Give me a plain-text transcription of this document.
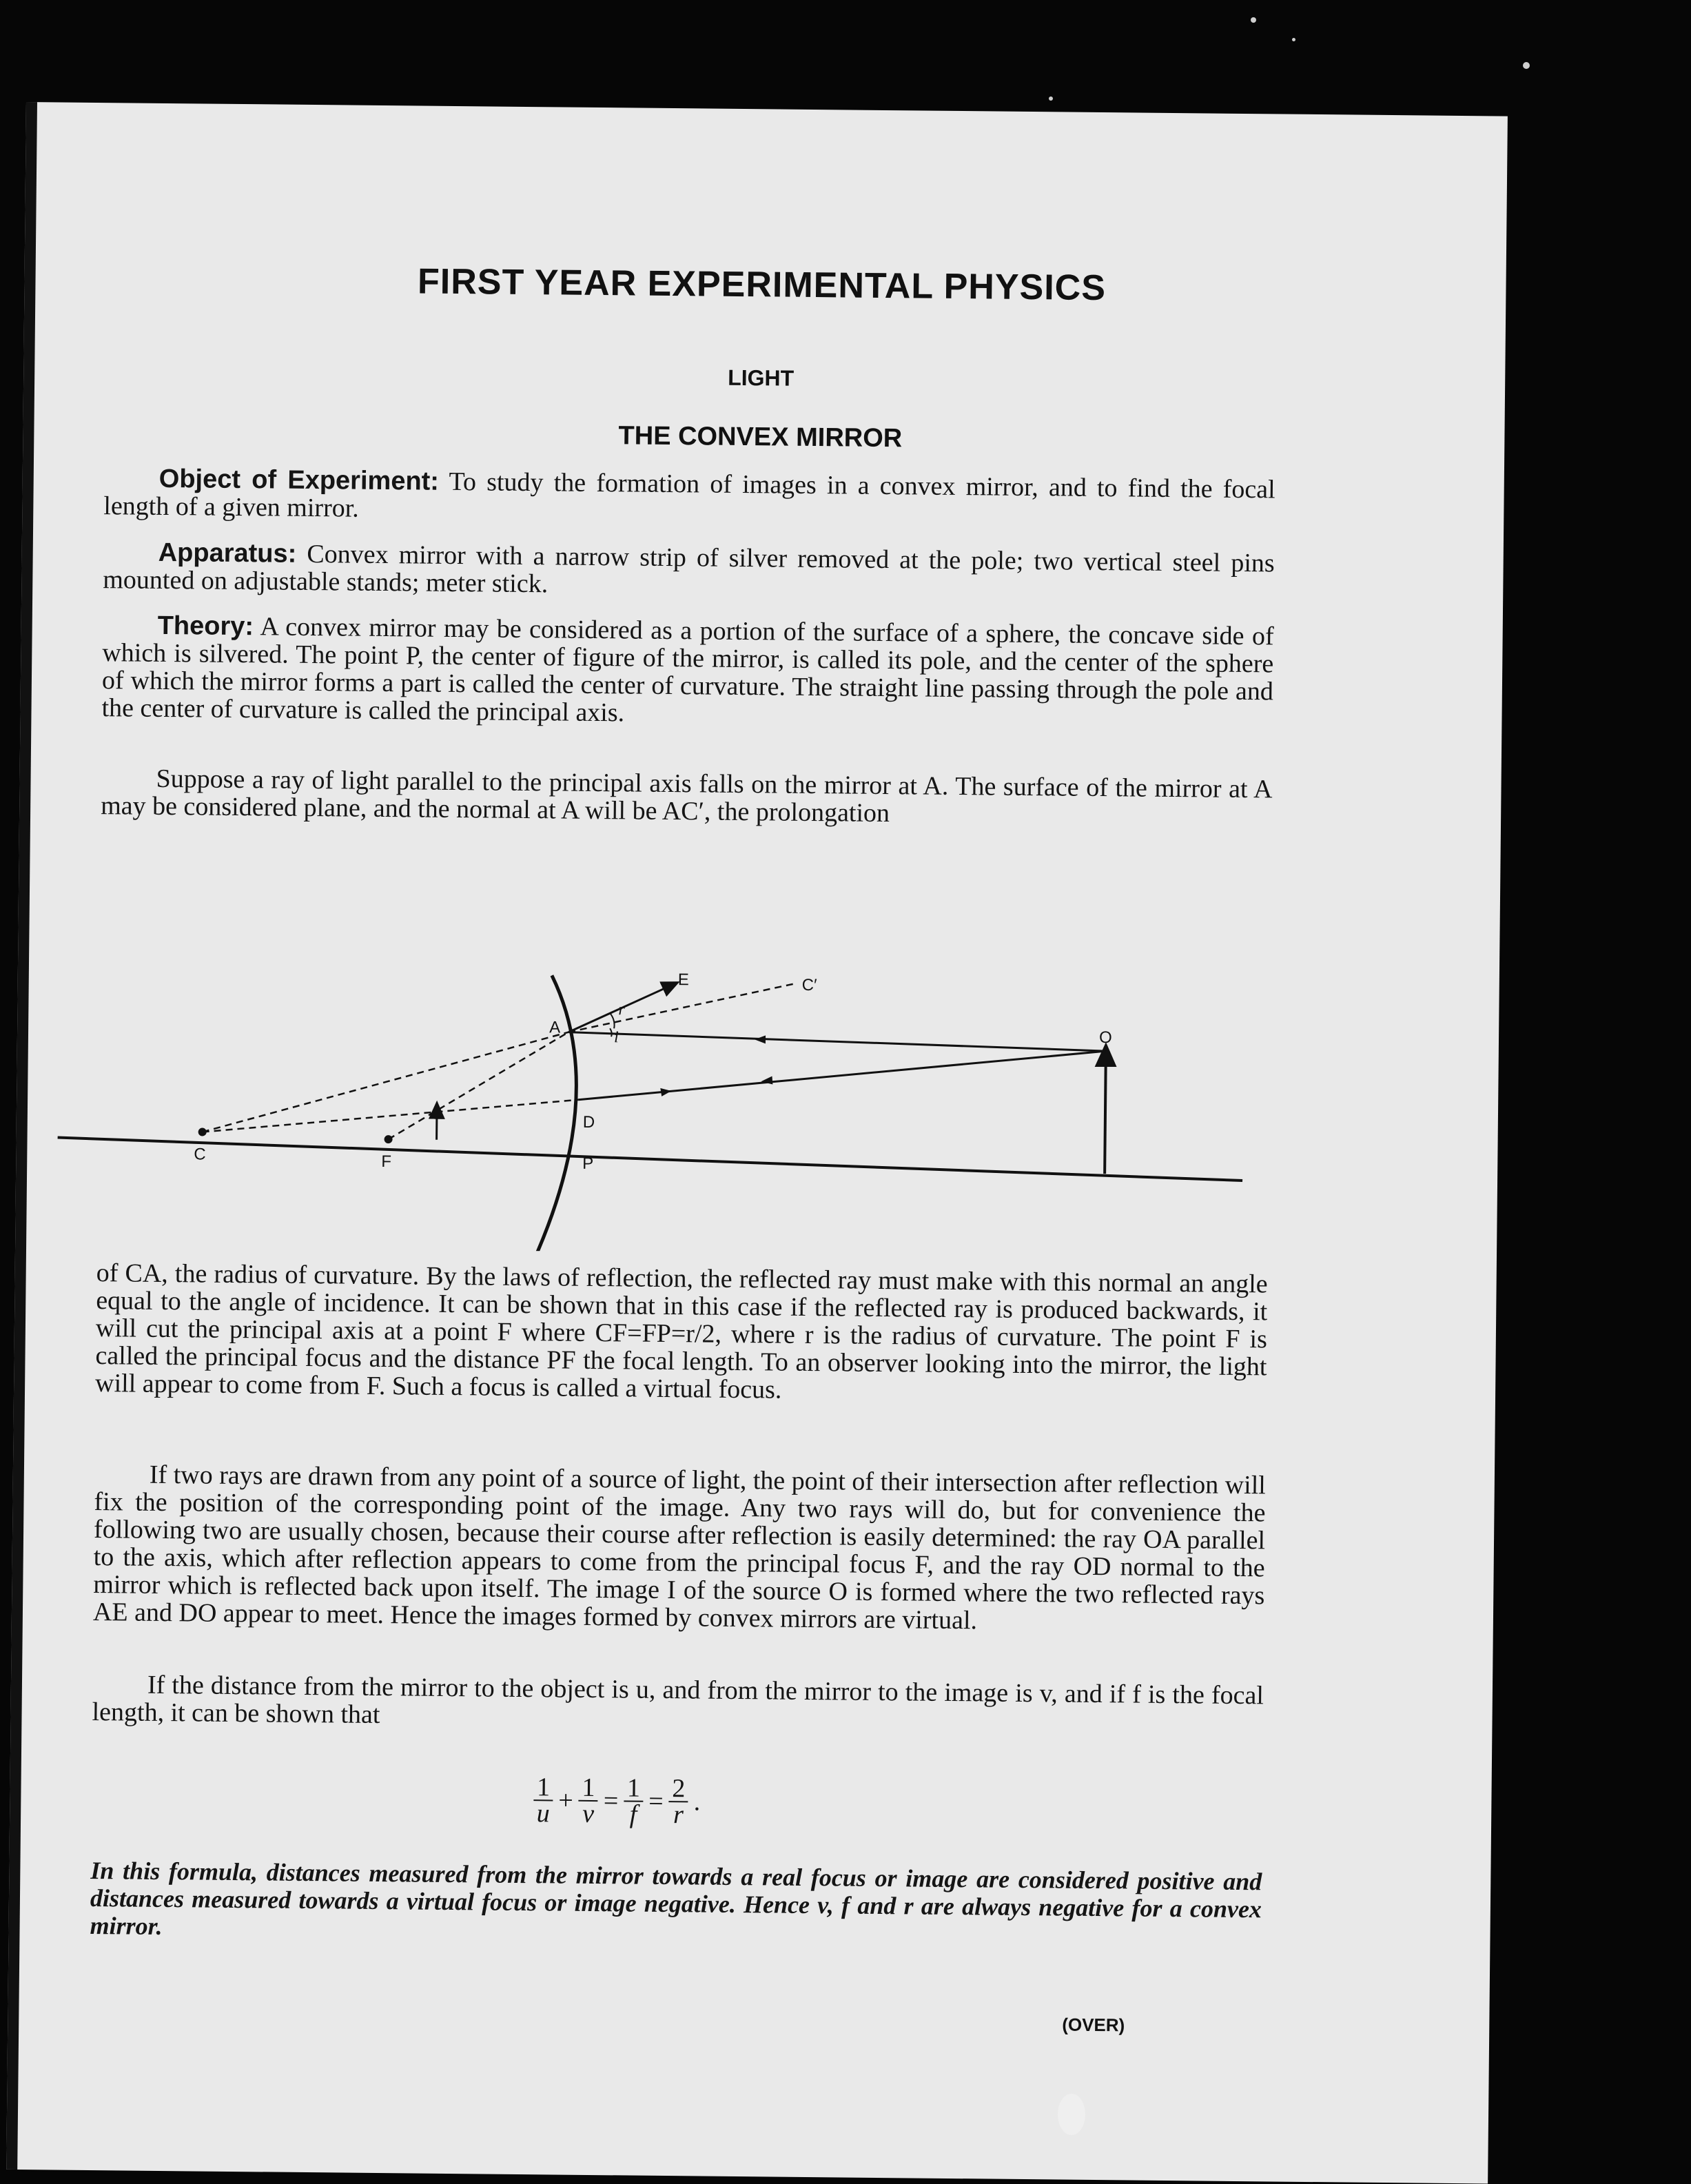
FIRST YEAR EXPERIMENTAL PHYSICS
LIGHT
THE CONVEX MIRROR
Object of Experiment: To study the formation of images in a convex mirror, and to find the focal length of a given mirror.
Apparatus: Convex mirror with a narrow strip of silver removed at the pole; two vertical steel pins mounted on adjustable stands; meter stick.
Theory: A convex mirror may be considered as a portion of the surface of a sphere, the concave side of which is silvered. The point P, the center of figure of the mirror, is called its pole, and the center of the sphere of which the mirror forms a part is called the center of curvature. The straight line passing through the pole and the center of curvature is called the principal axis.
Suppose a ray of light parallel to the principal axis falls on the mirror at A. The surface of the mirror at A may be considered plane, and the normal at A will be AC′, the prolongation
A
E	C′
r
i	O
D
C	F	P
of CA, the radius of curvature. By the laws of reflection, the reflected ray must make with this normal an angle equal to the angle of incidence. It can be shown that in this case if the reflected ray is produced backwards, it will cut the principal axis at a point F where CF=FP=r/2, where r is the radius of curvature. The point F is called the principal focus and the distance PF the focal length. To an observer looking into the mirror, the light will appear to come from F. Such a focus is called a virtual focus.
If two rays are drawn from any point of a source of light, the point of their intersection after reflection will fix the position of the corresponding point of the image. Any two rays will do, but for convenience the following two are usually chosen, because their course after reflection is easily determined: the ray OA parallel to the axis, which after reflection appears to come from the principal focus F, and the ray OD normal to the mirror which is reflected back upon itself. The image I of the source O is formed where the two reflected rays AE and DO appear to meet. Hence the images formed by convex mirrors are virtual.
If the distance from the mirror to the object is u, and from the mirror to the image is v, and if f is the focal length, it can be shown that
$\frac{1}{u} + \frac{1}{v} = \frac{1}{f} = \frac{2}{r}$ .
In this formula, distances measured from the mirror towards a real focus or image are considered positive and distances measured towards a virtual focus or image negative. Hence v, f and r are always negative for a convex mirror.
(OVER)
